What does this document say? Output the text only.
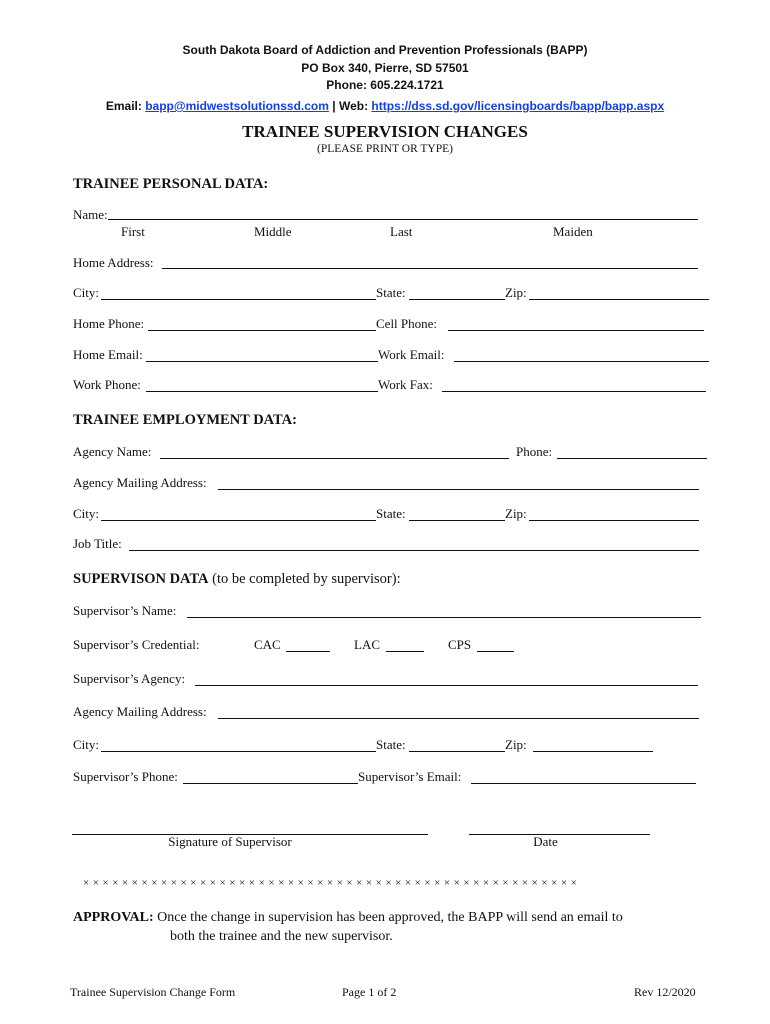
South Dakota Board of Addiction and Prevention Professionals (BAPP)
PO Box 340, Pierre, SD 57501
Phone: 605.224.1721
Email: bapp@midwestsolutionssd.com | Web: https://dss.sd.gov/licensingboards/bapp/bapp.aspx
TRAINEE SUPERVISION CHANGES
(PLEASE PRINT OR TYPE)
TRAINEE PERSONAL DATA:
Name:
First	Middle	Last	Maiden
Home Address:
City:	State:	Zip:
Home Phone:	Cell Phone:
Home Email:	Work Email:
Work Phone:	Work Fax:
TRAINEE EMPLOYMENT DATA:
Agency Name:	Phone:
Agency Mailing Address:
City:	State:	Zip:
Job Title:
SUPERVISON DATA (to be completed by supervisor):
Supervisor’s Name:
Supervisor’s Credential:	CAC	LAC	CPS
Supervisor’s Agency:
Agency Mailing Address:
City:	State:	Zip:
Supervisor’s Phone:	Supervisor’s Email:
Signature of Supervisor	Date
× × × × × × × × × × × × × × × × × × × × × × × × × × × × × × × × × × × × × × × × × × × × × × × × × × ×
APPROVAL: Once the change in supervision has been approved, the BAPP will send an email to
both the trainee and the new supervisor.
Trainee Supervision Change Form	Page 1 of 2	Rev 12/2020
